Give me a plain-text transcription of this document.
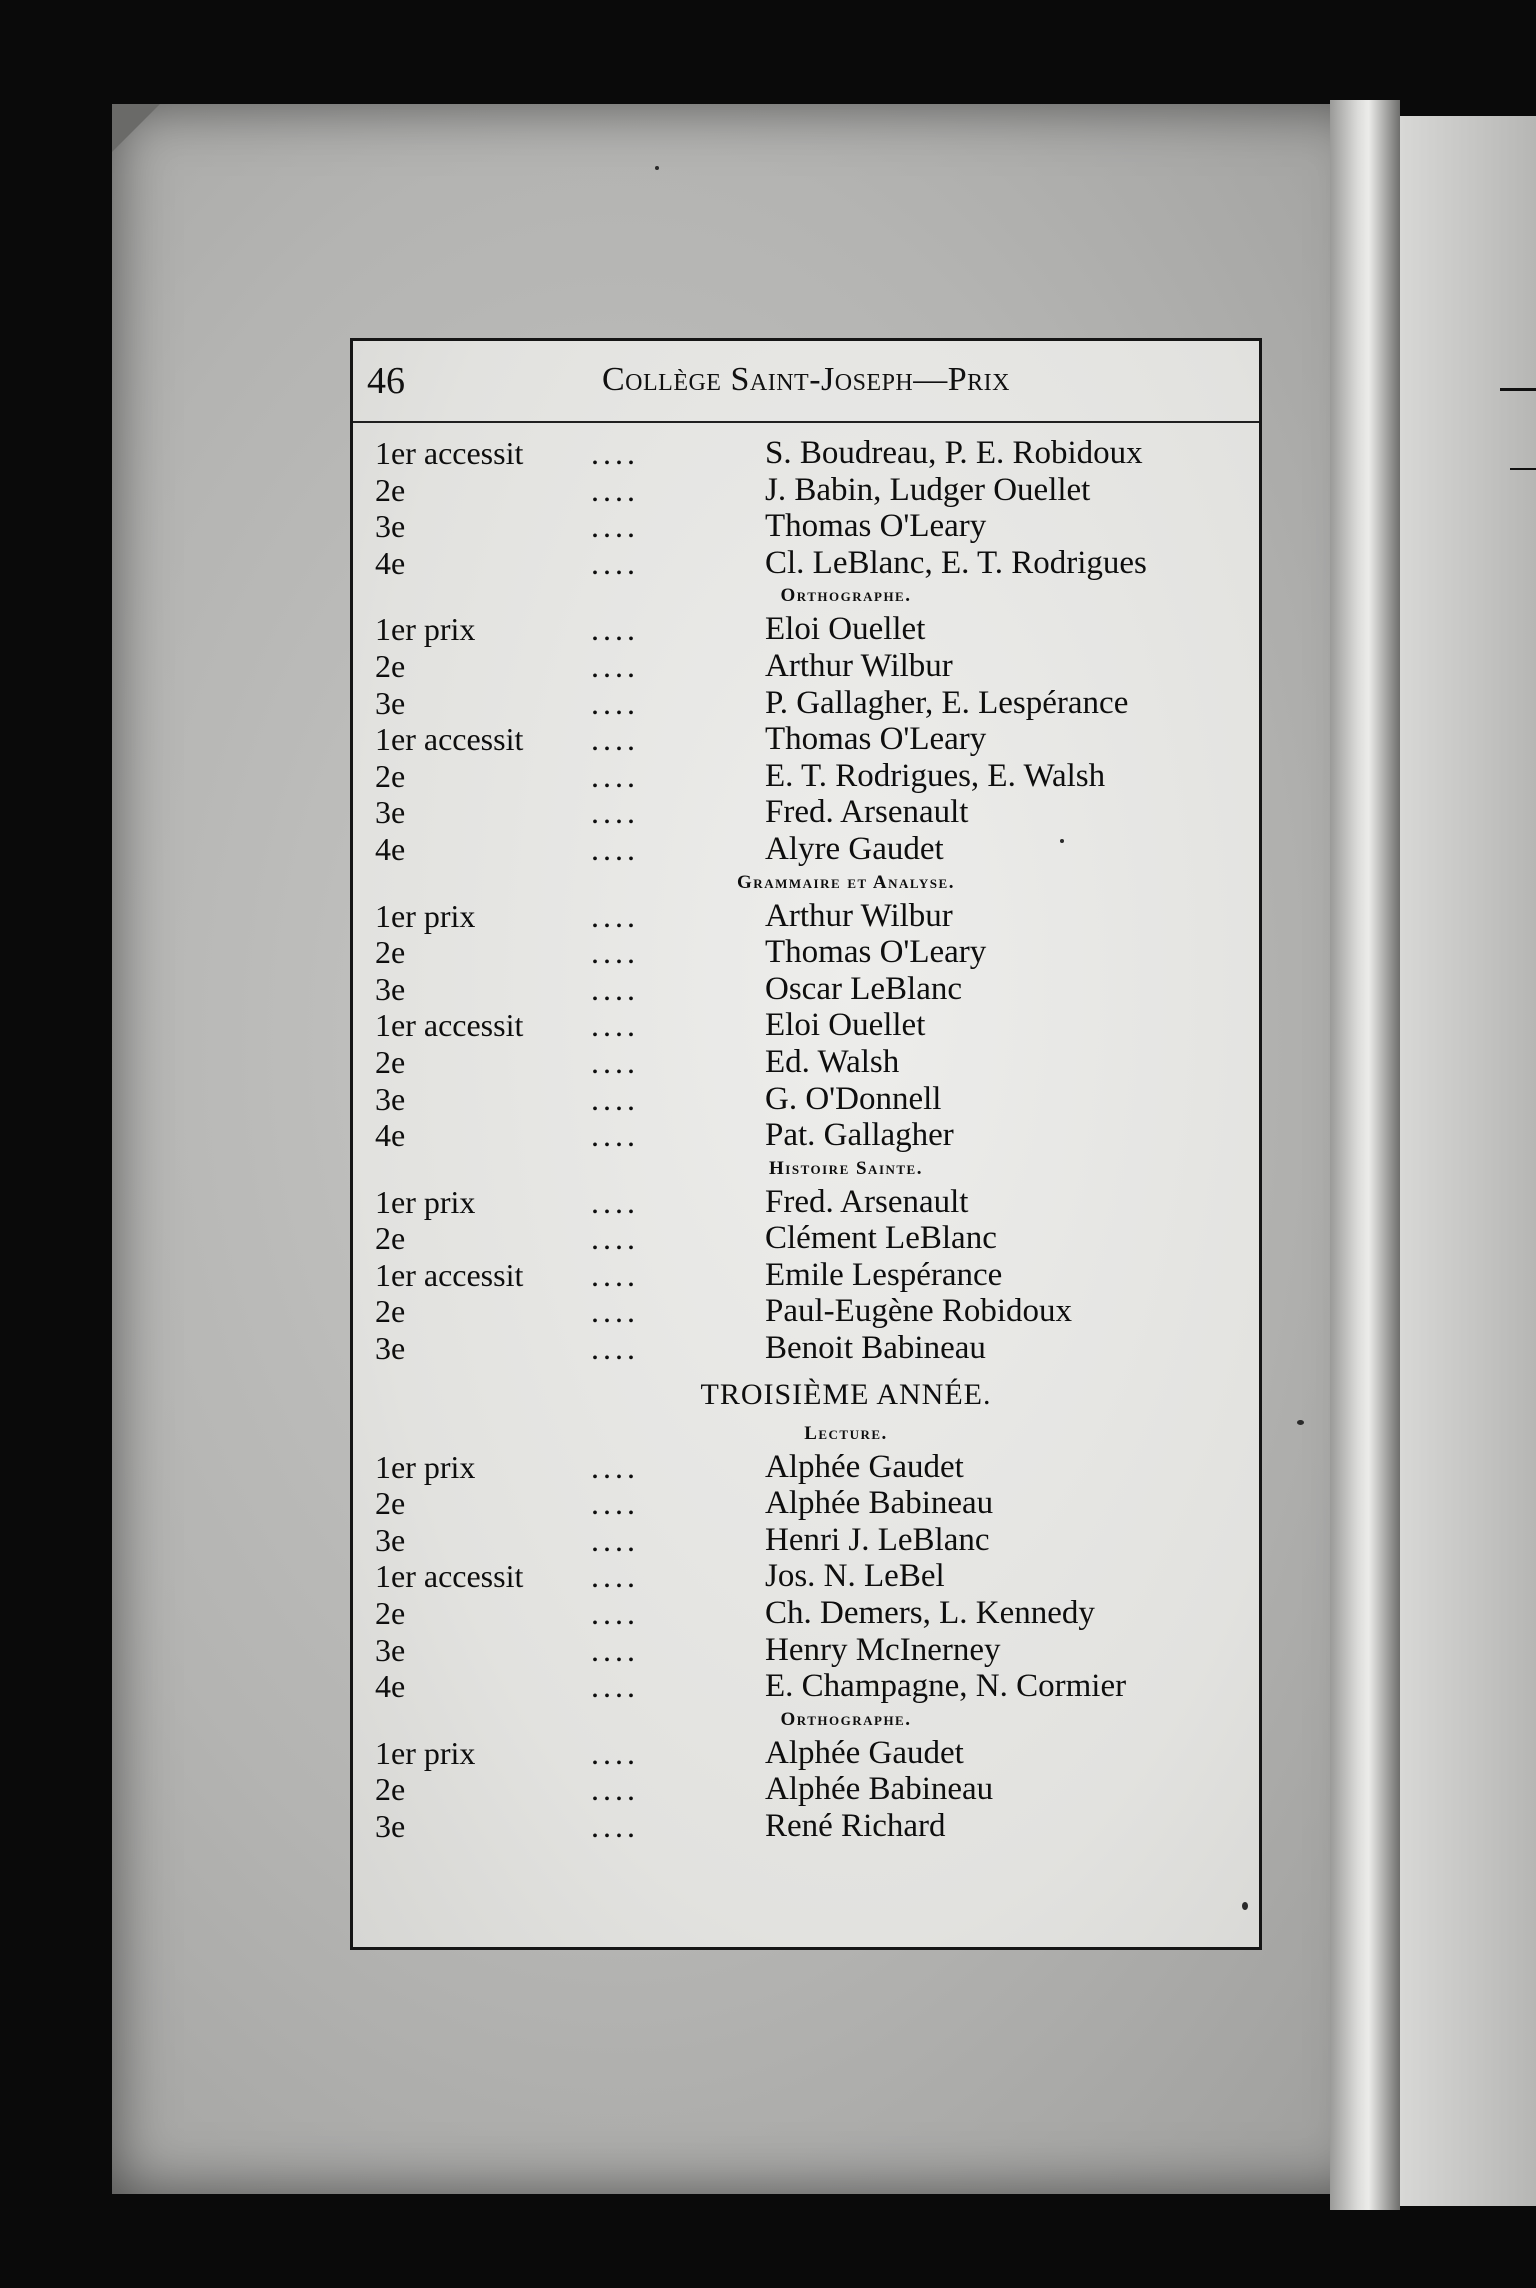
46	Collège Saint-Joseph—Prix
1er accessit ....	S. Boudreau, P. E. Robidoux
2e	....	J. Babin, Ludger Ouellet
3e	....	Thomas O'Leary
4e	....	Cl. LeBlanc, E. T. Rodrigues
Orthographe.
1er prix	....	Eloi Ouellet
2e	....	Arthur Wilbur
3e	....	P. Gallagher, E. Lespérance
1er accessit ....	Thomas O'Leary
2e	....	E. T. Rodrigues, E. Walsh
3e	....	Fred. Arsenault
4e	....	Alyre Gaudet
Grammaire et Analyse.
1er prix	....	Arthur Wilbur
2e	....	Thomas O'Leary
3e	....	Oscar LeBlanc
1er accessit ....	Eloi Ouellet
2e	....	Ed. Walsh
3e	....	G. O'Donnell
4e	....	Pat. Gallagher
Histoire Sainte.
1er prix	....	Fred. Arsenault
2e	....	Clément LeBlanc
1er accessit ....	Emile Lespérance
2e	....	Paul-Eugène Robidoux
3e	....	Benoit Babineau
TROISIÈME ANNÉE.
Lecture.
1er prix	....	Alphée Gaudet
2e	....	Alphée Babineau
3e	....	Henri J. LeBlanc
1er accessit ....	Jos. N. LeBel
2e	....	Ch. Demers, L. Kennedy
3e	....	Henry McInerney
4e	....	E. Champagne, N. Cormier
Orthographe.
1er prix	....	Alphée Gaudet
2e	....	Alphée Babineau
3e	....	René Richard
